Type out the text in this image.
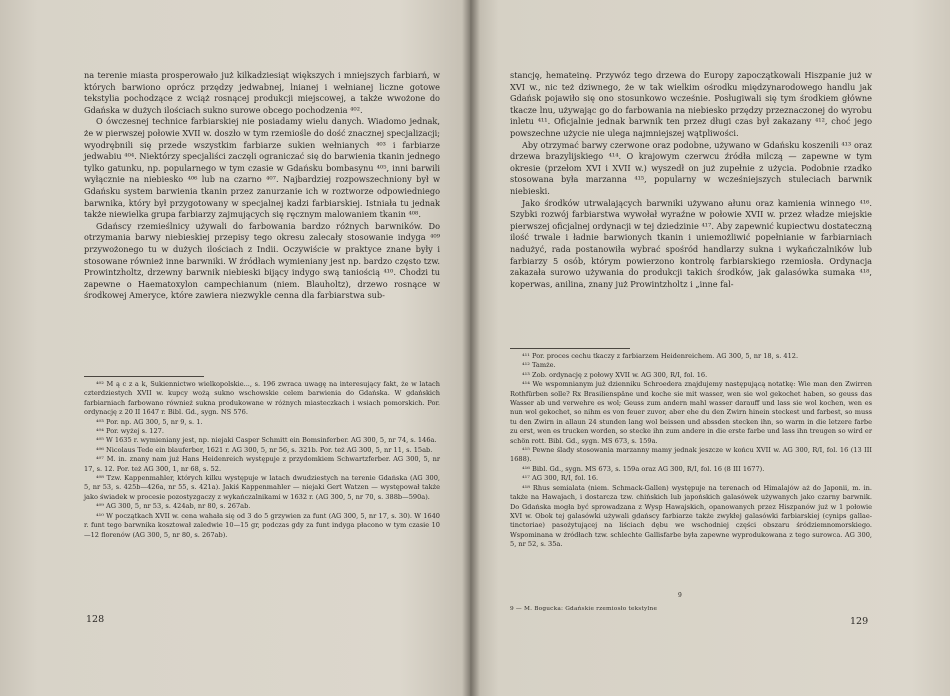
na terenie miasta prosperowało już kilkadziesiąt większych i mniejszych farbiarń, w których barwiono oprócz przędzy jedwabnej, lnianej i wełnianej liczne gotowe tekstylia pochodzące z wciąż rosnącej produkcji miejscowej, a także wwożone do Gdańska w dużych ilościach sukno surowe obcego pochodzenia ⁴⁰².

O ówczesnej technice farbiarskiej nie posiadamy wielu danych. Wiadomo jednak, że w pierwszej połowie XVII w. doszło w tym rzemiośle do dość znacznej specjalizacji; wyodrębnili się przede wszystkim farbiarze sukien wełnianych ⁴⁰³ i farbiarze jedwabiu ⁴⁰⁴. Niektórzy specjaliści zaczęli ograniczać się do barwienia tkanin jednego tylko gatunku, np. popularnego w tym czasie w Gdańsku bombasynu ⁴⁰⁵, inni barwili wyłącznie na niebiesko ⁴⁰⁶ lub na czarno ⁴⁰⁷. Najbardziej rozpowszechniony był w Gdańsku system barwienia tkanin przez zanurzanie ich w roztworze odpowiedniego barwnika, który był przygotowany w specjalnej kadzi farbiarskiej. Istniała tu jednak także niewielka grupa farbiarzy zajmujących się ręcznym malowaniem tkanin ⁴⁰⁸.

Gdańscy rzemieślnicy używali do farbowania bardzo różnych barwników. Do otrzymania barwy niebieskiej przepisy tego okresu zalecały stosowanie indyga ⁴⁰⁹ przywożonego tu w dużych ilościach z Indii. Oczywiście w praktyce znane były i stosowane również inne barwniki. W źródłach wymieniany jest np. bardzo często tzw. Prowintzholtz, drzewny barwnik niebieski bijący indygo swą taniością ⁴¹⁰. Chodzi tu zapewne o Haematoxylon campechianum (niem. Blauholtz), drzewo rosnące w środkowej Ameryce, które zawiera niezwykle cenna dla farbiarstwa sub-

⁴⁰² M ą c z a k, Sukiennictwo wielkopolskie..., s. 196 zwraca uwagę na interesujący fakt, że w latach czterdziestych XVII w. kupcy wożą sukno wschowskie celem barwienia do Gdańska. W gdańskich farbiarniach farbowano również sukna produkowane w różnych miasteczkach i wsiach pomorskich. Por. ordynację z 20 II 1647 r. Bibl. Gd., sygn. NS 576.

⁴⁰³ Por. np. AG 300, 5, nr 9, s. 1.

⁴⁰⁴ Por. wyżej s. 127.

⁴⁰⁵ W 1635 r. wymieniany jest, np. niejaki Casper Schmitt ein Bomsinferber. AG 300, 5, nr 74, s. 146a.

⁴⁰⁶ Nicolaus Tede ein blauferber, 1621 r. AG 300, 5, nr 56, s. 321b. Por. też AG 300, 5, nr 11, s. 15ab.

⁴⁰⁷ M. in. znany nam już Hans Heidenreich występuje z przydomkiem Schwartzferber. AG 300, 5, nr 17, s. 12. Por. też AG 300, 1, nr 68, s. 52.

⁴⁰⁸ Tzw. Kappenmahler, których kilku występuje w latach dwudziestych na terenie Gdańska (AG 300, 5, nr 53, s. 425b—426a, nr 55, s. 421a). Jakiś Kappenmahler — niejaki Gert Watzen — występował także jako świadek w procesie pozostyzgaczy z wykańczalnikami w 1632 r. (AG 300, 5, nr 70, s. 388b—590a).

⁴⁰⁹ AG 300, 5, nr 53, s. 424ab, nr 80, s. 267ab.

⁴¹⁰ W początkach XVII w. cena wahała się od 3 do 5 grzywien za funt (AG 300, 5, nr 17, s. 30). W 1640 r. funt tego barwnika kosztował zaledwie 10—15 gr, podczas gdy za funt indyga płacono w tym czasie 10—12 florenów (AG 300, 5, nr 80, s. 267ab).

128

stancję, hemateinę. Przywóz tego drzewa do Europy zapoczątkowali Hiszpanie już w XVI w., nic też dziwnego, że w tak wielkim ośrodku międzynarodowego handlu jak Gdańsk pojawiło się ono stosunkowo wcześnie. Posługiwali się tym środkiem główne tkacze lnu, używając go do farbowania na niebiesko przędzy przeznaczonej do wyrobu inletu ⁴¹¹. Oficjalnie jednak barwnik ten przez długi czas był zakazany ⁴¹², choć jego powszechne użycie nie ulega najmniejszej wątpliwości.

Aby otrzymać barwy czerwone oraz podobne, używano w Gdańsku koszenili ⁴¹³ oraz drzewa brazylijskiego ⁴¹⁴. O krajowym czerwcu źródła milczą — zapewne w tym okresie (przełom XVI i XVII w.) wyszedł on już zupełnie z użycia. Podobnie rzadko stosowana była marzanna ⁴¹⁵, popularny w wcześniejszych stuleciach barwnik niebieski.

Jako środków utrwalających barwniki używano ałunu oraz kamienia winnego ⁴¹⁶. Szybki rozwój farbiarstwa wywołał wyraźne w połowie XVII w. przez władze miejskie pierwszej oficjalnej ordynacji w tej dziedzinie ⁴¹⁷. Aby zapewnić kupiectwu dostateczną ilość trwale i ładnie barwionych tkanin i uniemożliwić popełnianie w farbiarniach nadużyć, rada postanowiła wybrać spośród handlarzy sukna i wykańczalników lub farbiarzy 5 osób, którym powierzono kontrolę farbiarskiego rzemiosła. Ordynacja zakazała surowo używania do produkcji takich środków, jak galasówka sumaka ⁴¹⁸, koperwas, anilina, znany już Prowintzholtz i „inne fal-

⁴¹¹ Por. proces cechu tkaczy z farbiarzem Heidenreichem. AG 300, 5, nr 18, s. 412.

⁴¹² Tamże.

⁴¹³ Zob. ordynację z połowy XVII w. AG 300, R/I, fol. 16.

⁴¹⁴ We wspomnianym już dzienniku Schroedera znajdujemy następującą notatkę: Wie man den Zwirren Rothfürben solle? Rx Brasilienspäne und koche sie mit wasser, wen sie wol gekochet haben, so geuss das Wasser ab und verwehre es wol; Geuss zum andern mahl wasser darauff und lass sie wol kochen, wen es nun wol gekochet, so nihm es von feuer zuvor, aber ehe du den Zwirn hinein steckest und farbest, so muss tu den Zwirn in allaun 24 stunden lang wol beissen und abssden stecken ihn, so warm in die letzere farbe zu erst, wen es trucken worden, so stecke ihn zum andere in die erste farbe und lass ihn treugen so wird er schön rott. Bibl. Gd., sygn. MS 673, s. 159a.

⁴¹⁵ Pewne ślady stosowania marzanny mamy jednak jeszcze w końcu XVII w. AG 300, R/I, fol. 16 (13 III 1688).

⁴¹⁶ Bibl. Gd., sygn. MS 673, s. 159a oraz AG 300, R/I, fol. 16 (8 III 1677).

⁴¹⁷ AG 300, R/I, fol. 16.

⁴¹⁸ Rhus semialata (niem. Schmack-Gallen) występuje na terenach od Himalajów aż do Japonii, m. in. także na Hawajach, i dostarcza tzw. chińskich lub japońskich galasówek używanych jako czarny barwnik. Do Gdańska mogła być sprowadzana z Wysp Hawajskich, opanowanych przez Hiszpanów już w 1 połowie XVI w. Obok tej galasówki używali gdańscy farbiarze także zwykłej galasówki farbiarskiej (cynips gallae-tinctoriae) pasożytującej na liściach dębu we wschodniej części obszaru śródziemnomorskiego. Wspominana w źródłach tzw. schlechte Gallisfarbe była zapewne wyprodukowana z tego surowca. AG 300, 5, nr 52, s. 35a.

9
9 — M. Bogucka: Gdańskie rzemiosło tekstylne
129
